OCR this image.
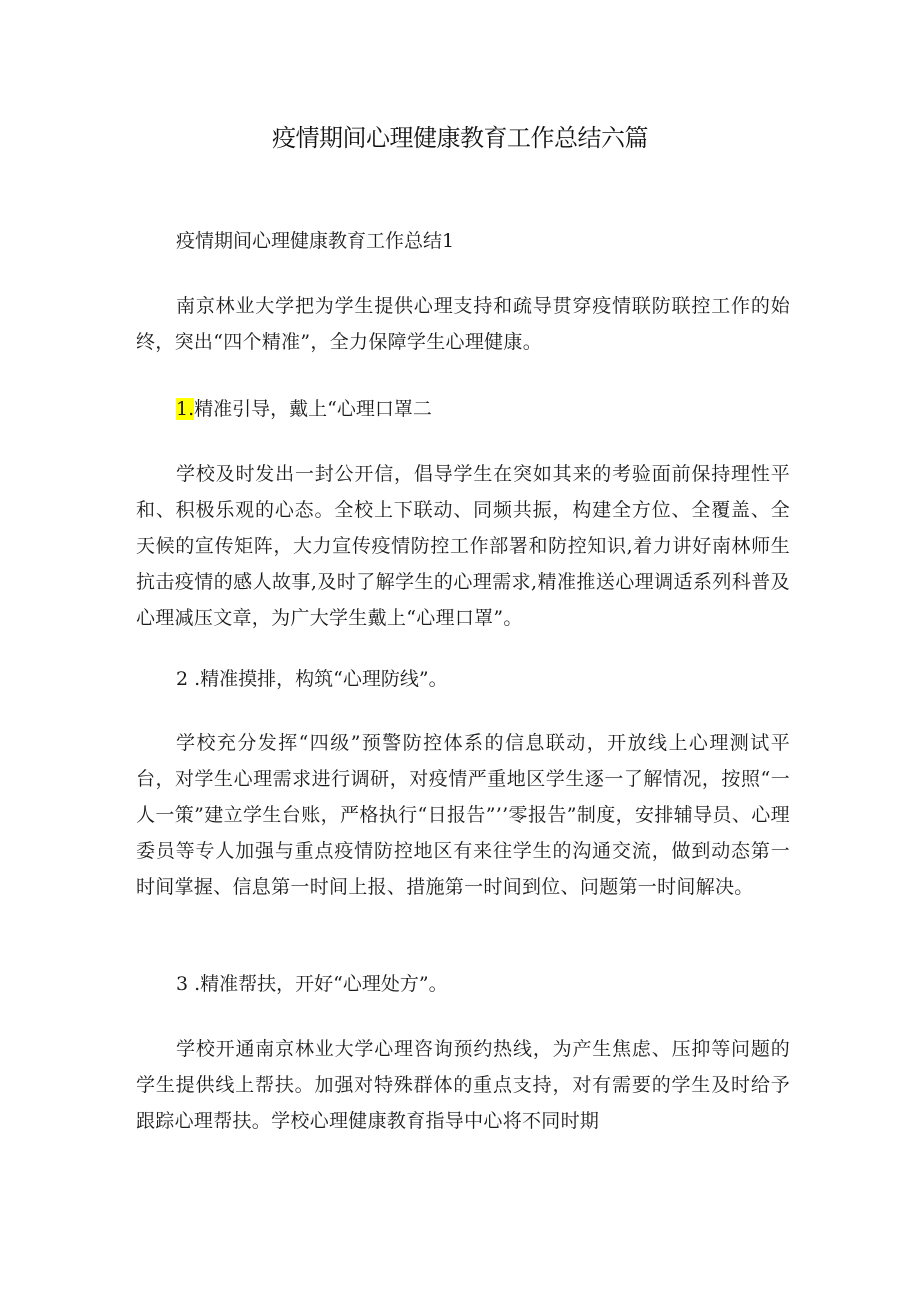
疫情期间心理健康教育工作总结六篇
疫情期间心理健康教育工作总结1
南京林业大学把为学生提供心理支持和疏导贯穿疫情联防联控工作的始终，突出“四个精准”，全力保障学生心理健康。
1.精准引导，戴上“心理口罩二
学校及时发出一封公开信，倡导学生在突如其来的考验面前保持理性平和、积极乐观的心态。全校上下联动、同频共振，构建全方位、全覆盖、全天候的宣传矩阵，大力宣传疫情防控工作部署和防控知识,着力讲好南林师生抗击疫情的感人故事,及时了解学生的心理需求,精准推送心理调适系列科普及心理减压文章，为广大学生戴上“心理口罩”。
2 .精准摸排，构筑“心理防线”。
学校充分发挥“四级”预警防控体系的信息联动，开放线上心理测试平台，对学生心理需求进行调研，对疫情严重地区学生逐一了解情况，按照“一人一策”建立学生台账，严格执行“日报告”’’零报告”制度，安排辅导员、心理委员等专人加强与重点疫情防控地区有来往学生的沟通交流，做到动态第一时间掌握、信息第一时间上报、措施第一时间到位、问题第一时间解决。
3 .精准帮扶，开好“心理处方”。
学校开通南京林业大学心理咨询预约热线，为产生焦虑、压抑等问题的学生提供线上帮扶。加强对特殊群体的重点支持，对有需要的学生及时给予跟踪心理帮扶。学校心理健康教育指导中心将不同时期
